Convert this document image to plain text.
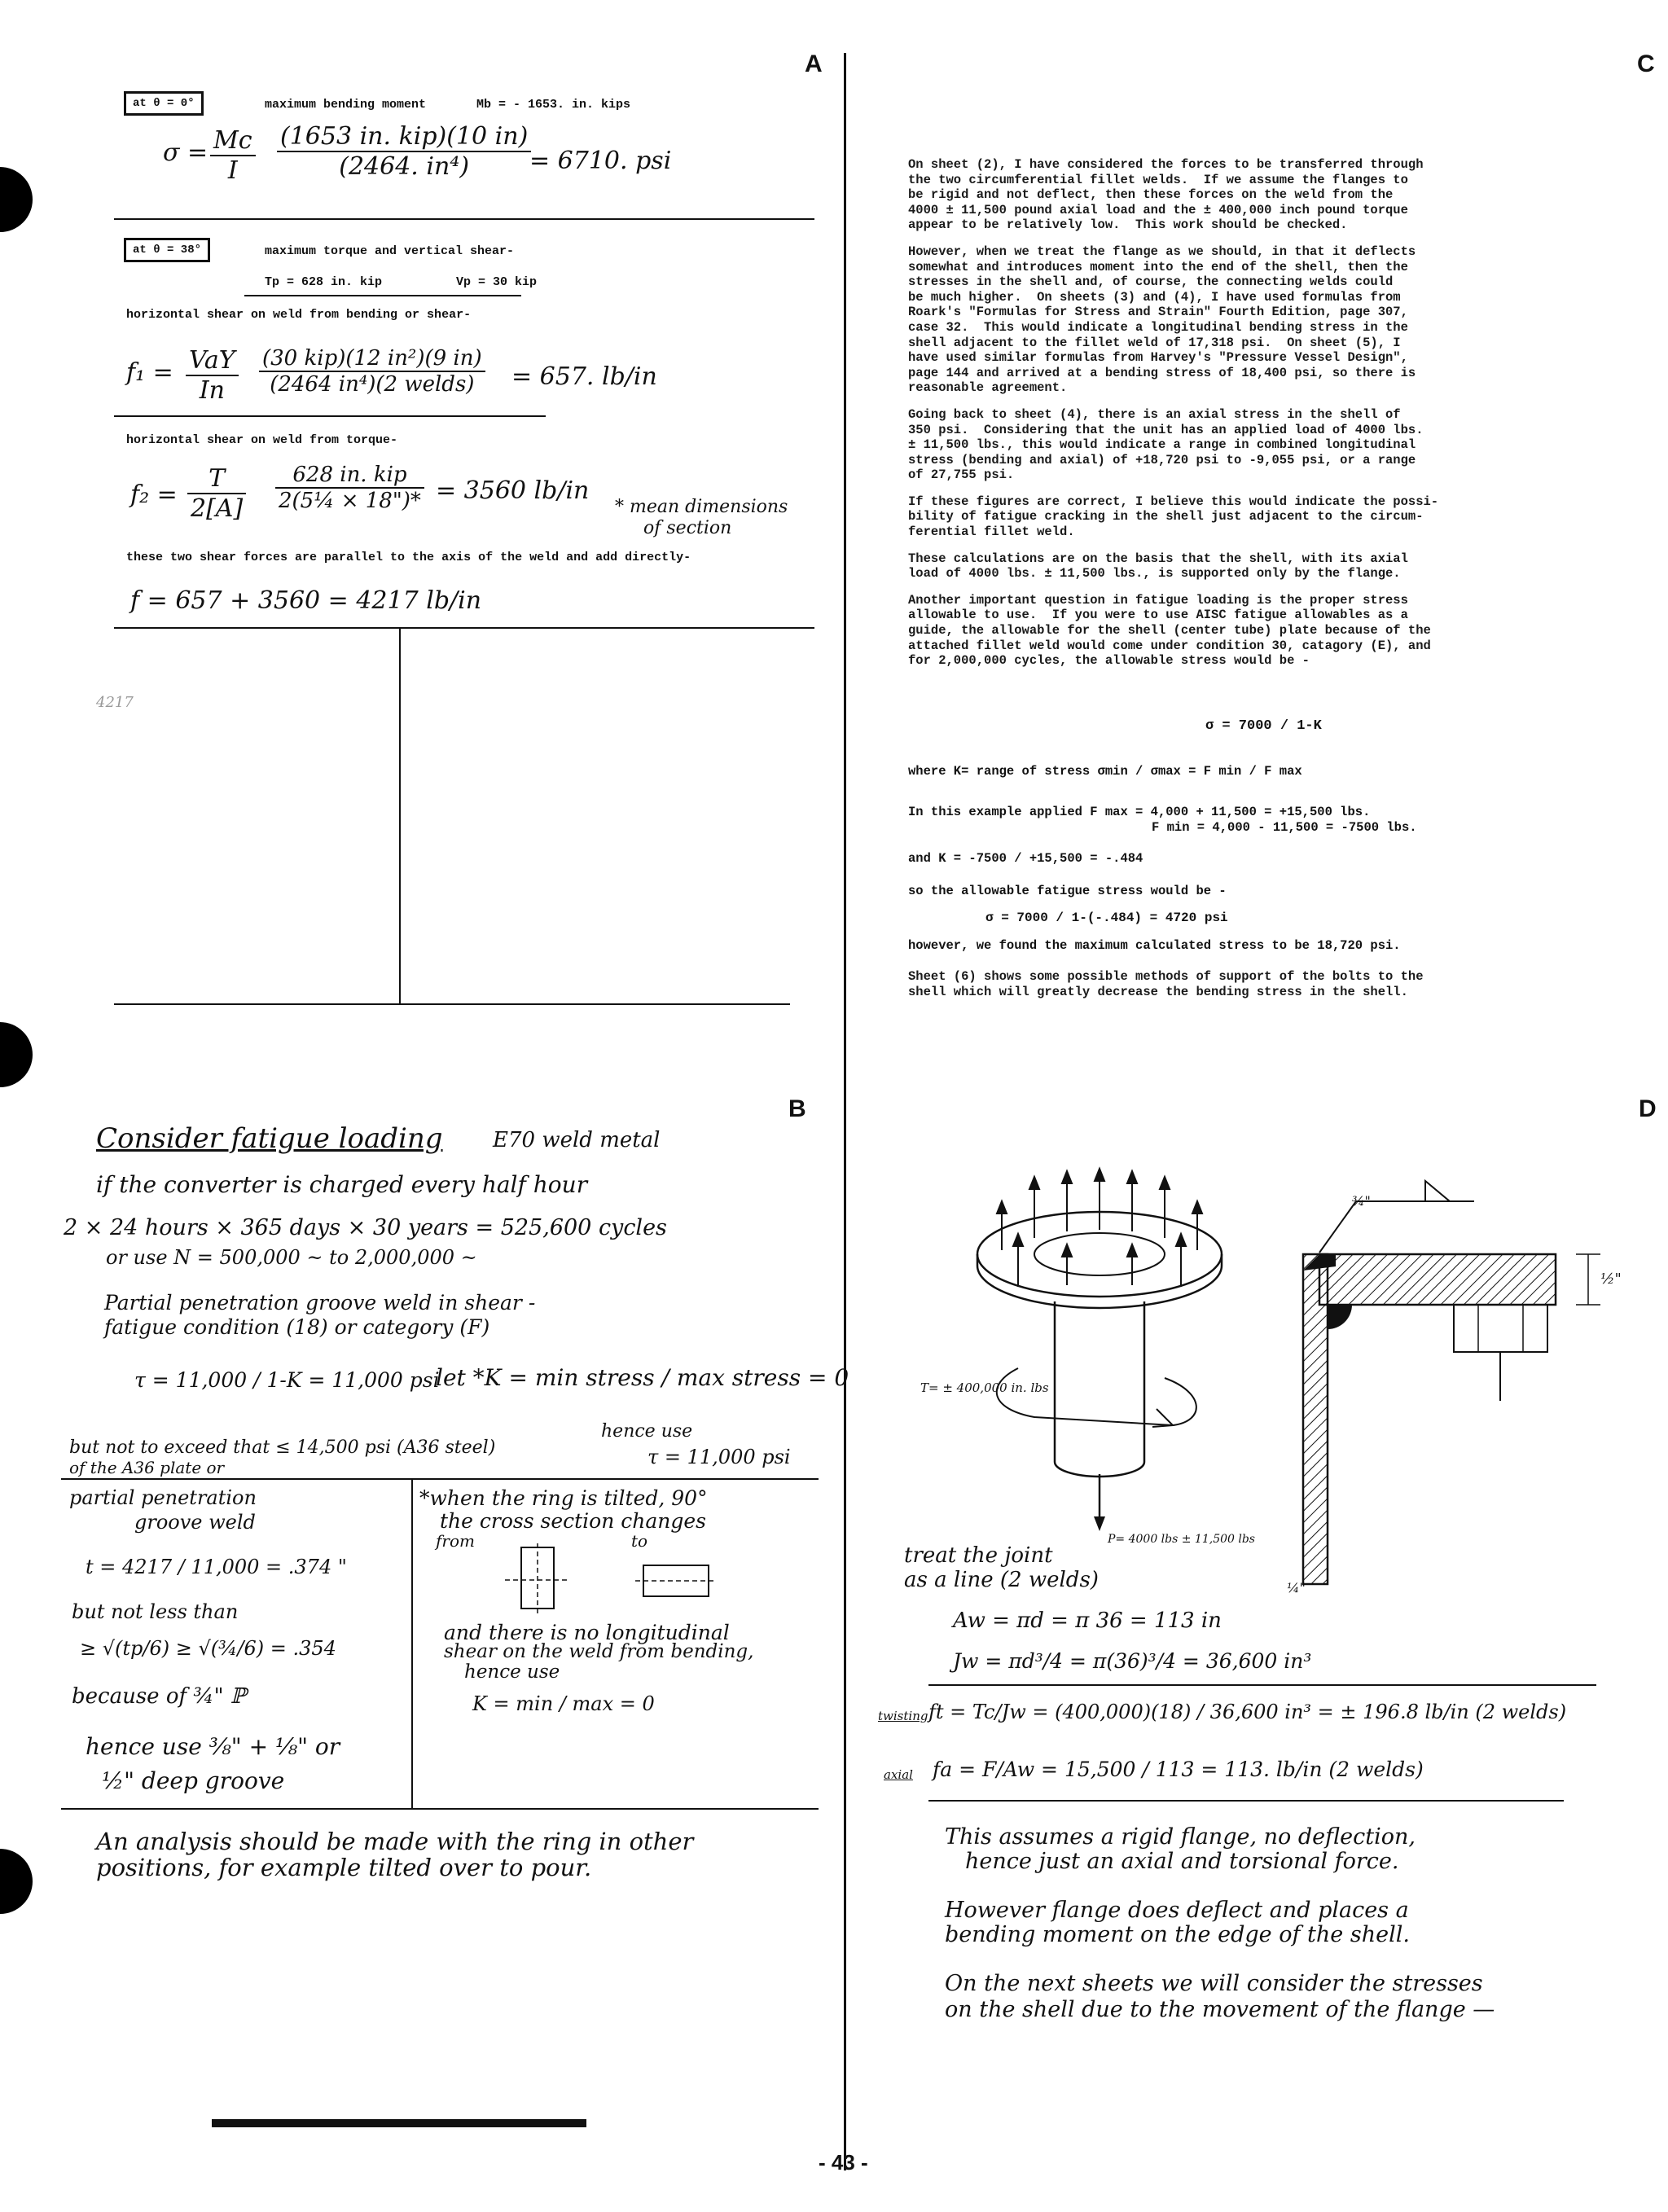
A	C
B	D
at θ = 0°	maximum bending moment	Mb = - 1653. in. kips
$\sigma = \frac{Mc}{I} \frac{\text{(1653 in. kip)(10 in)}}{\text{(2464. in⁴)}}$
= 6710. psi
at θ = 38°	maximum torque and vertical shear-
Tp = 628 in. kip	Vp = 30 kip
horizontal shear on weld from bending or shear-
$f_1 = \frac{\text{VaY}}{In} \frac{\text{(30 kip)(12 in²)(9 in)}}{\text{(2464 in⁴)(2 welds)}} = 657$. lb/in
horizontal shear on weld from torque-
$f_2 = \frac{T}{2[A]} \frac{\text{628 in. kip}}{\text{2(5¼ × 18")*}} = 3560$ lb/in
* mean dimensions
of section
these two shear forces are parallel to the axis of the weld and add directly-
f = 657 + 3560 = 4217 lb/in
4217
Consider fatigue loading E70 weld metal
if the converter is charged every half hour
2 × 24 hours × 365 days × 30 years = 525,600 cycles
or use N = 500,000 ~ to 2,000,000 ~
Partial penetration groove weld in shear -
fatigue condition (18) or category (F)
τ = 11,000 / 1-K = 11,000 psi
let *K = min stress / max stress = 0
hence use
but not to exceed that ≤ 14,500 psi (A36 steel)
of the A36 plate or	τ = 11,000 psi
partial penetration
groove weld
t = 4217 / 11,000 = .374 "
but not less than
≥ √(tp/6) ≥ √(¾/6) = .354
because of ¾" ℙ
hence use ⅜" + ⅛" or
½" deep groove
*when the ring is tilted, 90°
the cross section changes
from	to
and there is no longitudinal
shear on the weld from bending,
hence use
K = min / max = 0
An analysis should be made with the ring in other positions, for example tilted over to pour.

On sheet (2), I have considered the forces to be transferred through
the two circumferential fillet welds.  If we assume the flanges to
be rigid and not deflect, then these forces on the weld from the
4000 ± 11,500 pound axial load and the ± 400,000 inch pound torque
appear to be relatively low.  This work should be checked.

However, when we treat the flange as we should, in that it deflects
somewhat and introduces moment into the end of the shell, then the
stresses in the shell and, of course, the connecting welds could
be much higher.  On sheets (3) and (4), I have used formulas from
Roark's "Formulas for Stress and Strain" Fourth Edition, page 307,
case 32.  This would indicate a longitudinal bending stress in the
shell adjacent to the fillet weld of 17,318 psi.  On sheet (5), I
have used similar formulas from Harvey's "Pressure Vessel Design",
page 144 and arrived at a bending stress of 18,400 psi, so there is
reasonable agreement.

Going back to sheet (4), there is an axial stress in the shell of
350 psi.  Considering that the unit has an applied load of 4000 lbs.
± 11,500 lbs., this would indicate a range in combined longitudinal
stress (bending and axial) of +18,720 psi to -9,055 psi, or a range
of 27,755 psi.

If these figures are correct, I believe this would indicate the possi-
bility of fatigue cracking in the shell just adjacent to the circum-
ferential fillet weld.

These calculations are on the basis that the shell, with its axial
load of 4000 lbs. ± 11,500 lbs., is supported only by the flange.

Another important question in fatigue loading is the proper stress
allowable to use.  If you were to use AISC fatigue allowables as a
guide, the allowable for the shell (center tube) plate because of the
attached fillet weld would come under condition 30, catagory (E), and
for 2,000,000 cycles, the allowable stress would be -

σ = 7000 / 1-K
where K= range of stress σmin / σmax = F min / F max
In this example applied F max = 4,000 + 11,500 = +15,500 lbs.
F min = 4,000 - 11,500 = -7500 lbs.
and K = -7500 / +15,500 = -.484
so the allowable fatigue stress would be -
σ = 7000 / 1-(-.484) = 4720 psi
however, we found the maximum calculated stress to be 18,720 psi.

Sheet (6) shows some possible methods of support of the bolts to the
shell which will greatly decrease the bending stress in the shell.

¾"
½"
T= ± 400,000 in. lbs
P= 4000 lbs ± 11,500 lbs
treat the joint
as a line (2 welds)	¼"
Aw = πd = π 36 = 113 in
Jw = πd³/4 = π(36)³/4 = 36,600 in³
twisting ft = Tc/Jw = (400,000)(18) / 36,600 in³ = ± 196.8 lb/in (2 welds)
axial fa = F/Aw = 15,500 / 113 = 113. lb/in (2 welds)
This assumes a rigid flange, no deflection,
hence just an axial and torsional force.
However flange does deflect and places a
bending moment on the edge of the shell.
On the next sheets we will consider the stresses
on the shell due to the movement of the flange —
- 43 -
